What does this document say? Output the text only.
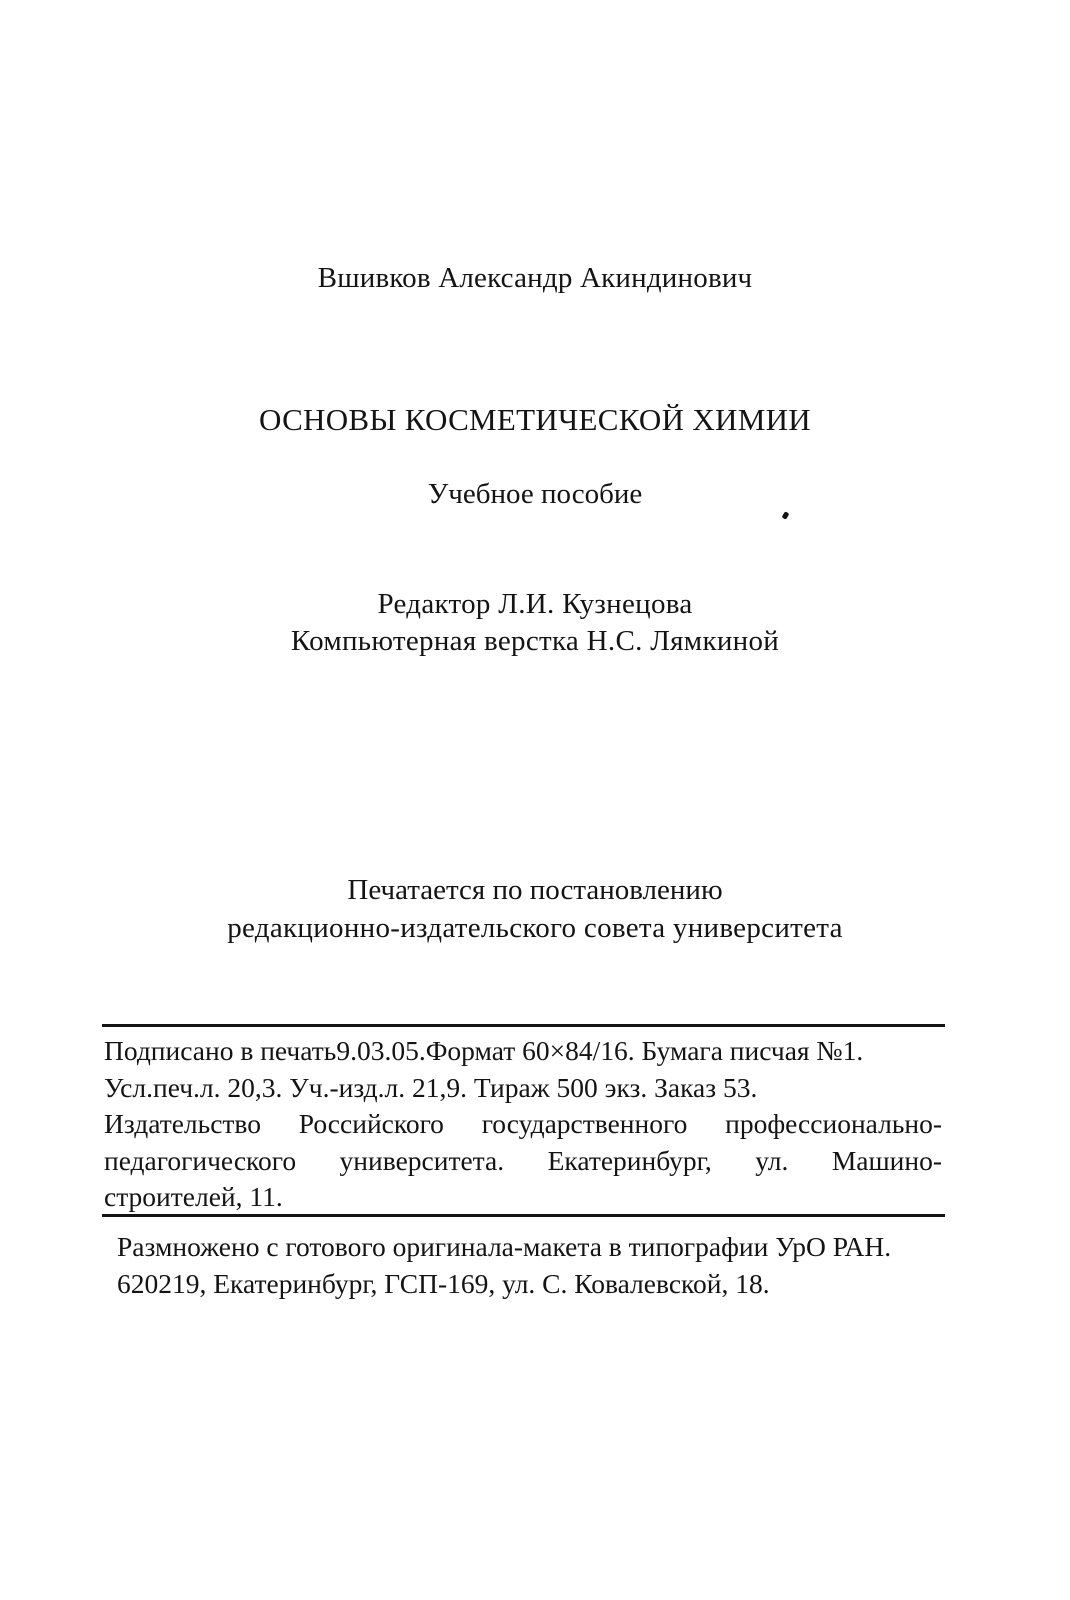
Вшивков Александр Акиндинович
ОСНОВЫ КОСМЕТИЧЕСКОЙ ХИМИИ
Учебное пособие
Редактор Л.И. Кузнецова
Компьютерная верстка Н.С. Лямкиной
Печатается по постановлению
редакционно-издательского совета университета
Подписано в печать9.03.05.Формат 60×84/16. Бумага писчая №1.
Усл.печ.л. 20,3. Уч.-изд.л. 21,9. Тираж 500 экз. Заказ 53.
Издательство Российского государственного профессионально-
педагогического университета. Екатеринбург, ул. Машино-
строителей, 11.
Размножено с готового оригинала-макета в типографии УрО РАН.
620219, Екатеринбург, ГСП-169, ул. С. Ковалевской, 18.
